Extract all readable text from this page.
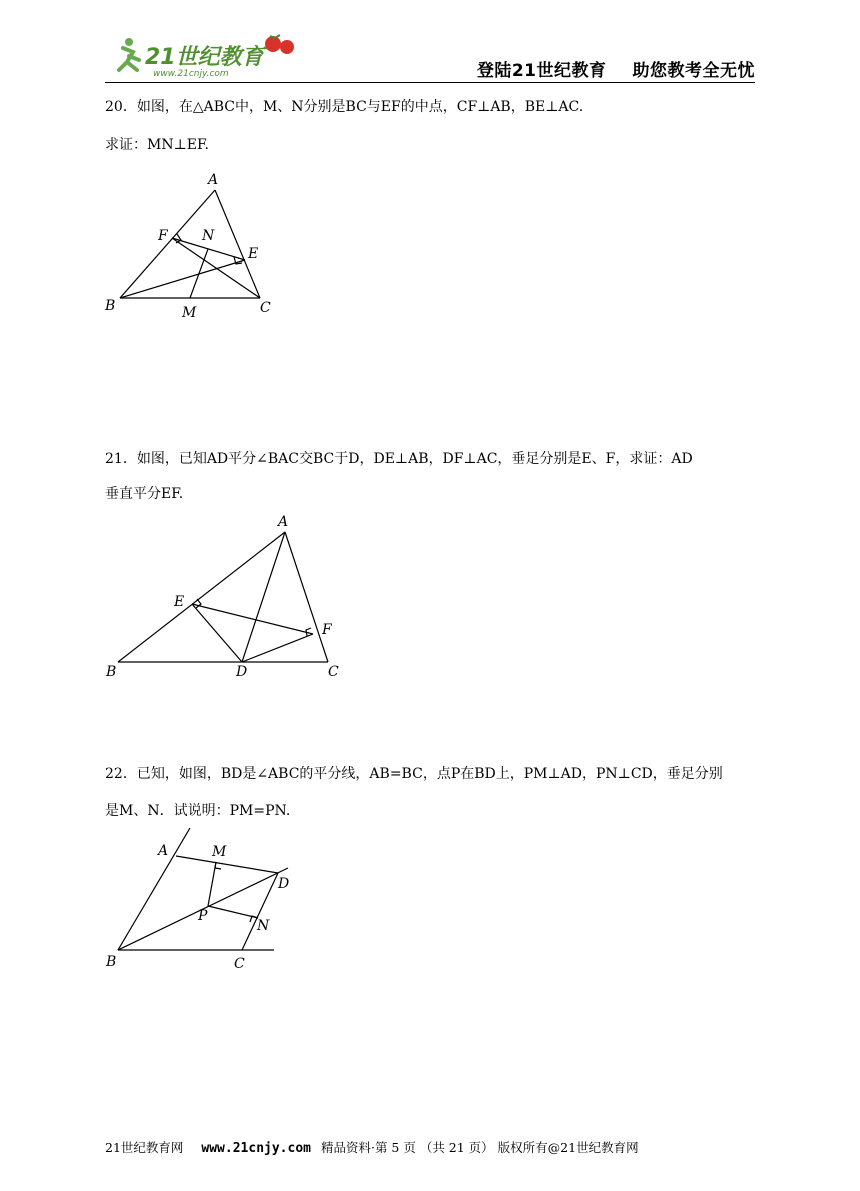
21世纪教育
www.21cnjy.com	登陆21世纪教育 助您教考全无忧
20．如图，在△ABC中，M、N分别是BC与EF的中点，CF⊥AB，BE⊥AC.
求证：MN⊥EF.
A
F N
E
B	M	C
21．如图，已知AD平分∠BAC交BC于D，DE⊥AB，DF⊥AC，垂足分别是E、F，求证：AD
垂直平分EF.
A
E
F
B	D	C
22．已知，如图，BD是∠ABC的平分线，AB=BC，点P在BD上，PM⊥AD，PN⊥CD，垂足分别
是M、N．试说明：PM=PN.
A	M
D
P
N
B	C
21世纪教育网 www.21cnjy.com 精品资料·第 5 页 （共 21 页） 版权所有@21世纪教育网
